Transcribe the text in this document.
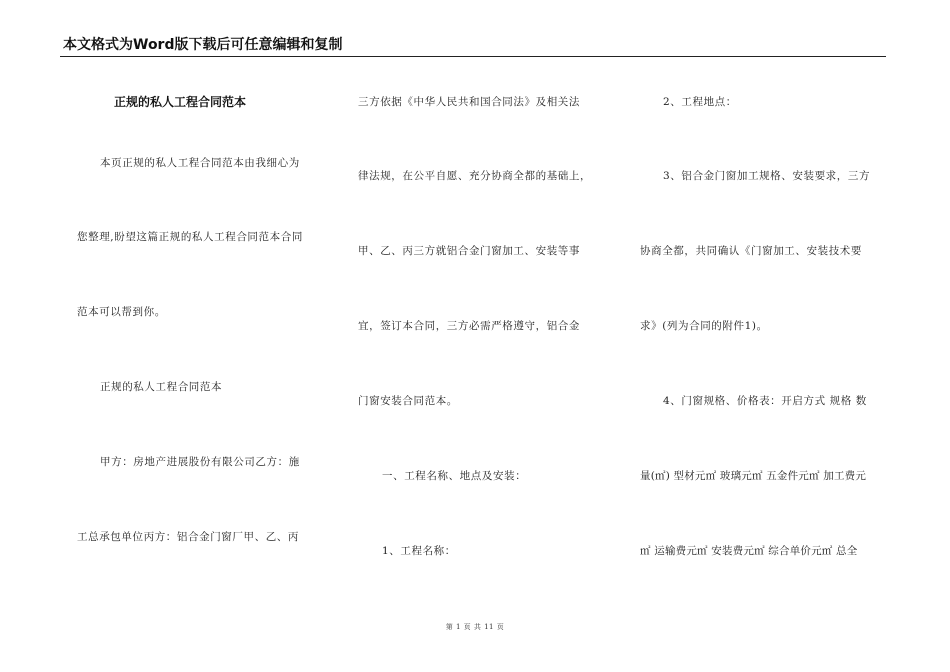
本文格式为Word版下载后可任意编辑和复制
正规的私人工程合同范本
本页正规的私人工程合同范本由我细心为
您整理,盼望这篇正规的私人工程合同范本合同
范本可以帮到你。
正规的私人工程合同范本
甲方：房地产进展股份有限公司乙方：施
工总承包单位丙方：铝合金门窗厂甲、乙、丙
三方依据《中华人民共和国合同法》及相关法
律法规，在公平自愿、充分协商全都的基础上，
甲、乙、丙三方就铝合金门窗加工、安装等事
宜，签订本合同，三方必需严格遵守，铝合金
门窗安装合同范本。
一、工程名称、地点及安装：
1、工程名称：
2、工程地点：
3、铝合金门窗加工规格、安装要求，三方
协商全都，共同确认《门窗加工、安装技术要
求》(列为合同的附件1)。
4、门窗规格、价格表：开启方式 规格 数
量(㎡) 型材元㎡ 玻璃元㎡ 五金件元㎡ 加工费元
㎡ 运输费元㎡ 安装费元㎡ 综合单价元㎡ 总全
第 1 页 共 11 页
